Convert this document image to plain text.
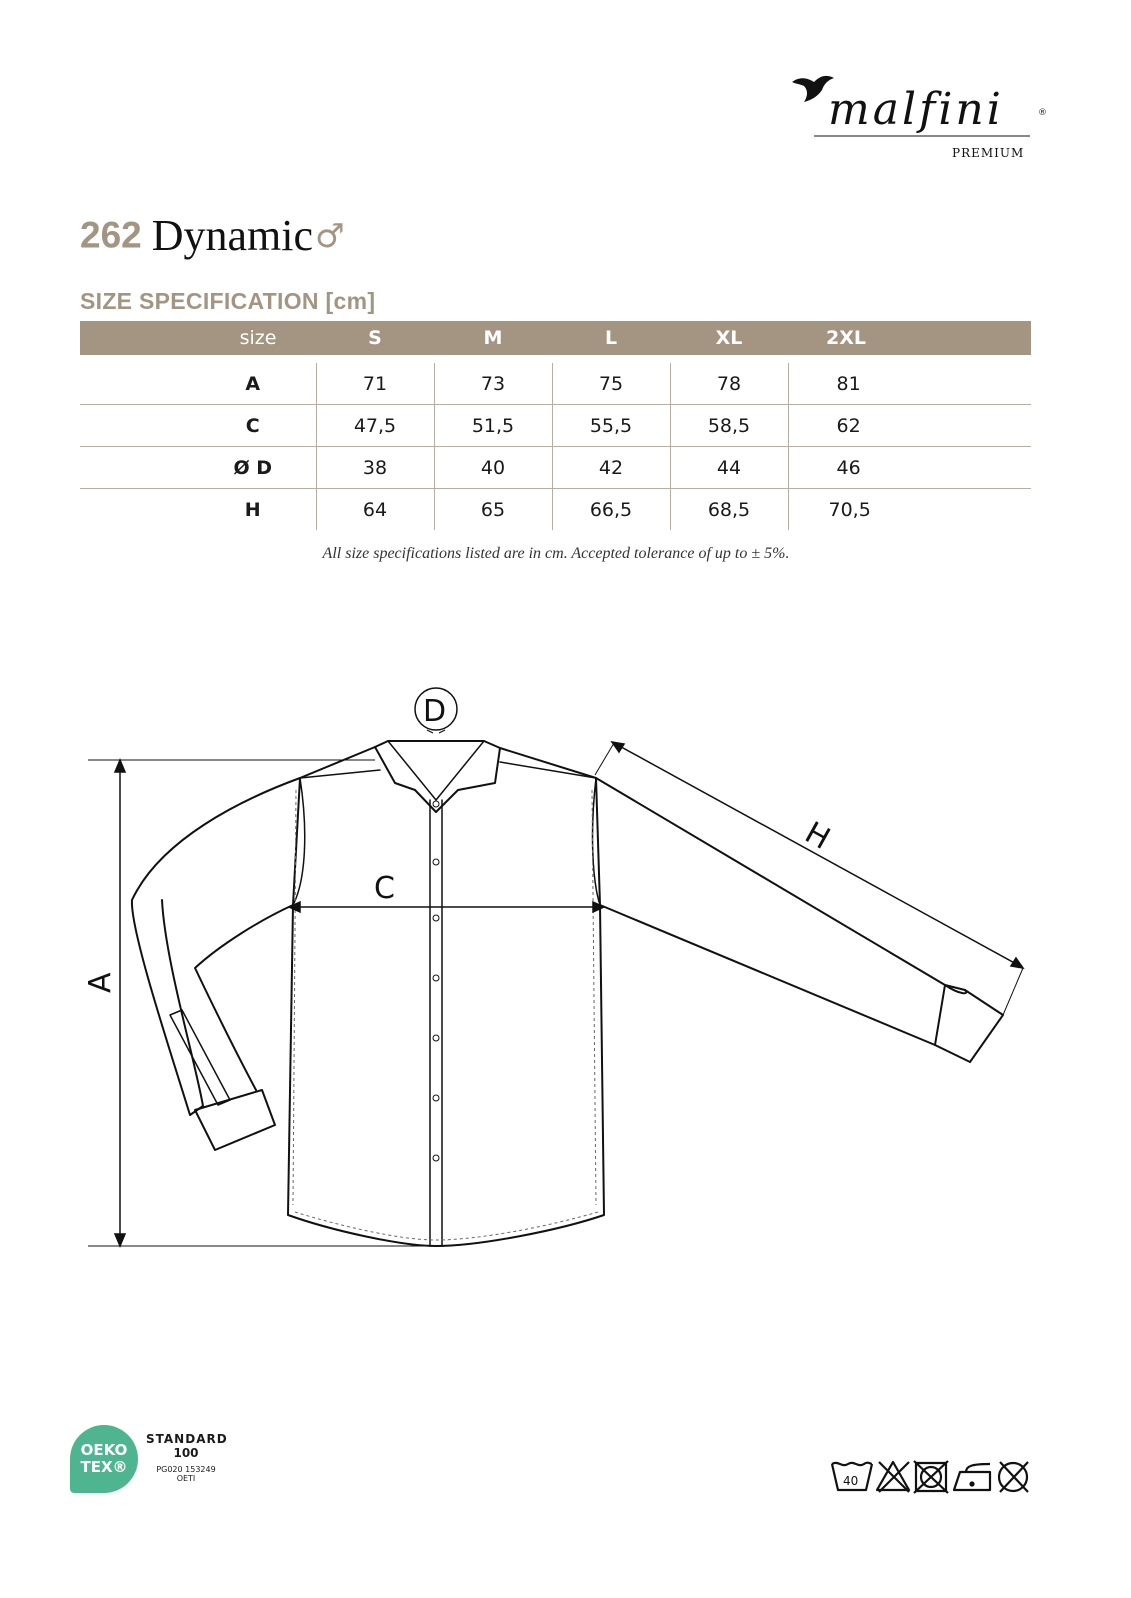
malfini	®
PREMIUM
262 Dynamic♂
SIZE SPECIFICATION [cm]
size	S	M	L	XL	2XL

A	71	73	75	78	81
C	47,5	51,5	55,5	58,5	62
Ø D	38	40	42	44	46
H	64	65	66,5	68,5	70,5
All size specifications listed are in cm. Accepted tolerance of up to ± 5%.
A
C
D
H
OEKO
TEX®
STANDARD
100
PG020 153249
OETI	40
